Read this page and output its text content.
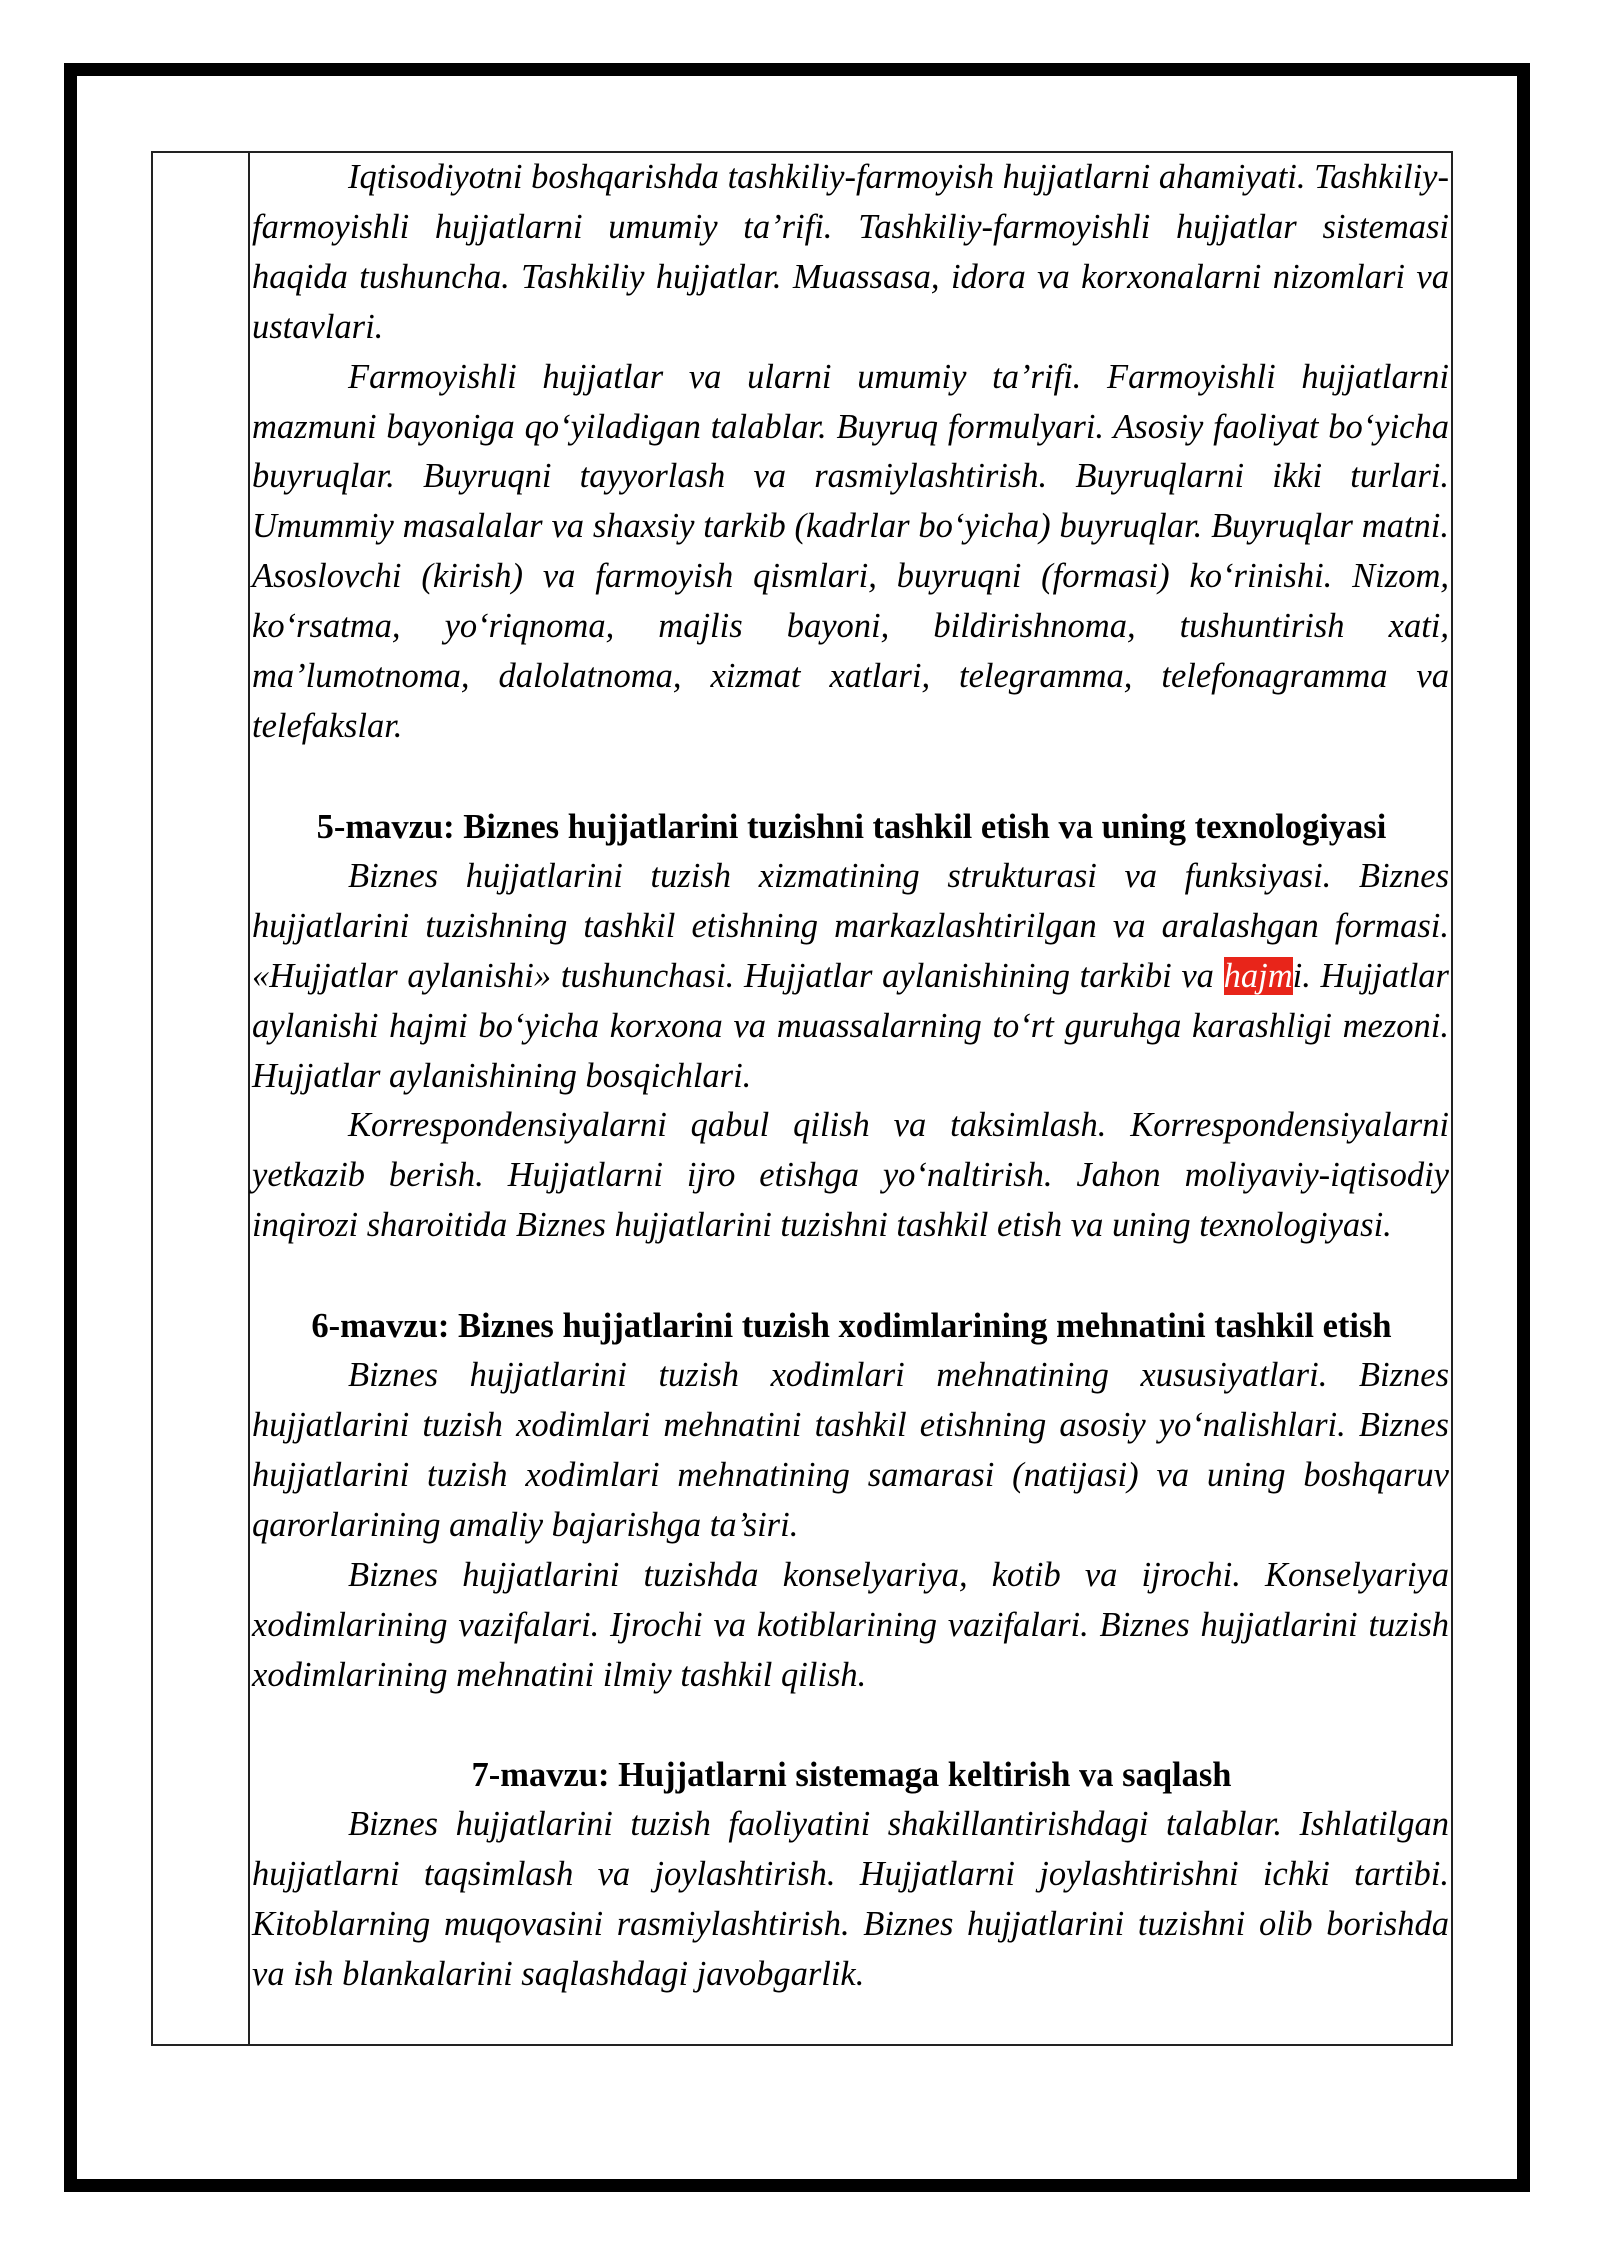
Iqtisodiyotni boshqarishda tashkiliy-farmoyish hujjatlarni ahamiyati. Tashkiliy-farmoyishli hujjatlarni umumiy ta’rifi. Tashkiliy-farmoyishli hujjatlar sistemasi haqida tushuncha. Tashkiliy hujjatlar. Muassasa, idora va korxonalarni nizomlari va ustavlari.

Farmoyishli hujjatlar va ularni umumiy ta’rifi. Farmoyishli hujjatlarni mazmuni bayoniga qo‘yiladigan talablar. Buyruq formulyari. Asosiy faoliyat bo‘yicha buyruqlar. Buyruqni tayyorlash va rasmiylashtirish. Buyruqlarni ikki turlari. Umummiy masalalar va shaxsiy tarkib (kadrlar bo‘yicha) buyruqlar. Buyruqlar matni. Asoslovchi (kirish) va farmoyish qismlari, buyruqni (formasi) ko‘rinishi. Nizom, ko‘rsatma, yo‘riqnoma, majlis bayoni, bildirishnoma, tushuntirish xati, ma’lumotnoma, dalolatnoma, xizmat xatlari, telegramma, telefonagramma va telefakslar.

5-mavzu: Biznes hujjatlarini tuzishni tashkil etish va uning texnologiyasi

Biznes hujjatlarini tuzish xizmatining strukturasi va funksiyasi. Biznes hujjatlarini tuzishning tashkil etishning markazlashtirilgan va aralashgan formasi. «Hujjatlar aylanishi» tushunchasi. Hujjatlar aylanishining tarkibi va hajmi. Hujjatlar aylanishi hajmi bo‘yicha korxona va muassalarning to‘rt guruhga karashligi mezoni. Hujjatlar aylanishining bosqichlari.

Korrespondensiyalarni qabul qilish va taksimlash. Korrespondensiyalarni yetkazib berish. Hujjatlarni ijro etishga yo‘naltirish. Jahon moliyaviy-iqtisodiy inqirozi sharoitida Biznes hujjatlarini tuzishni tashkil etish va uning texnologiyasi.

6-mavzu: Biznes hujjatlarini tuzish xodimlarining mehnatini tashkil etish

Biznes hujjatlarini tuzish xodimlari mehnatining xususiyatlari. Biznes hujjatlarini tuzish xodimlari mehnatini tashkil etishning asosiy yo‘nalishlari. Biznes hujjatlarini tuzish xodimlari mehnatining samarasi (natijasi) va uning boshqaruv qarorlarining amaliy bajarishga ta’siri.

Biznes hujjatlarini tuzishda konselyariya, kotib va ijrochi. Konselyariya xodimlarining vazifalari. Ijrochi va kotiblarining vazifalari. Biznes hujjatlarini tuzish xodimlarining mehnatini ilmiy tashkil qilish.

7-mavzu: Hujjatlarni sistemaga keltirish va saqlash

Biznes hujjatlarini tuzish faoliyatini shakillantirishdagi talablar. Ishlatilgan hujjatlarni taqsimlash va joylashtirish. Hujjatlarni joylashtirishni ichki tartibi. Kitoblarning muqovasini rasmiylashtirish. Biznes hujjatlarini tuzishni olib borishda va ish blankalarini saqlashdagi javobgarlik.
